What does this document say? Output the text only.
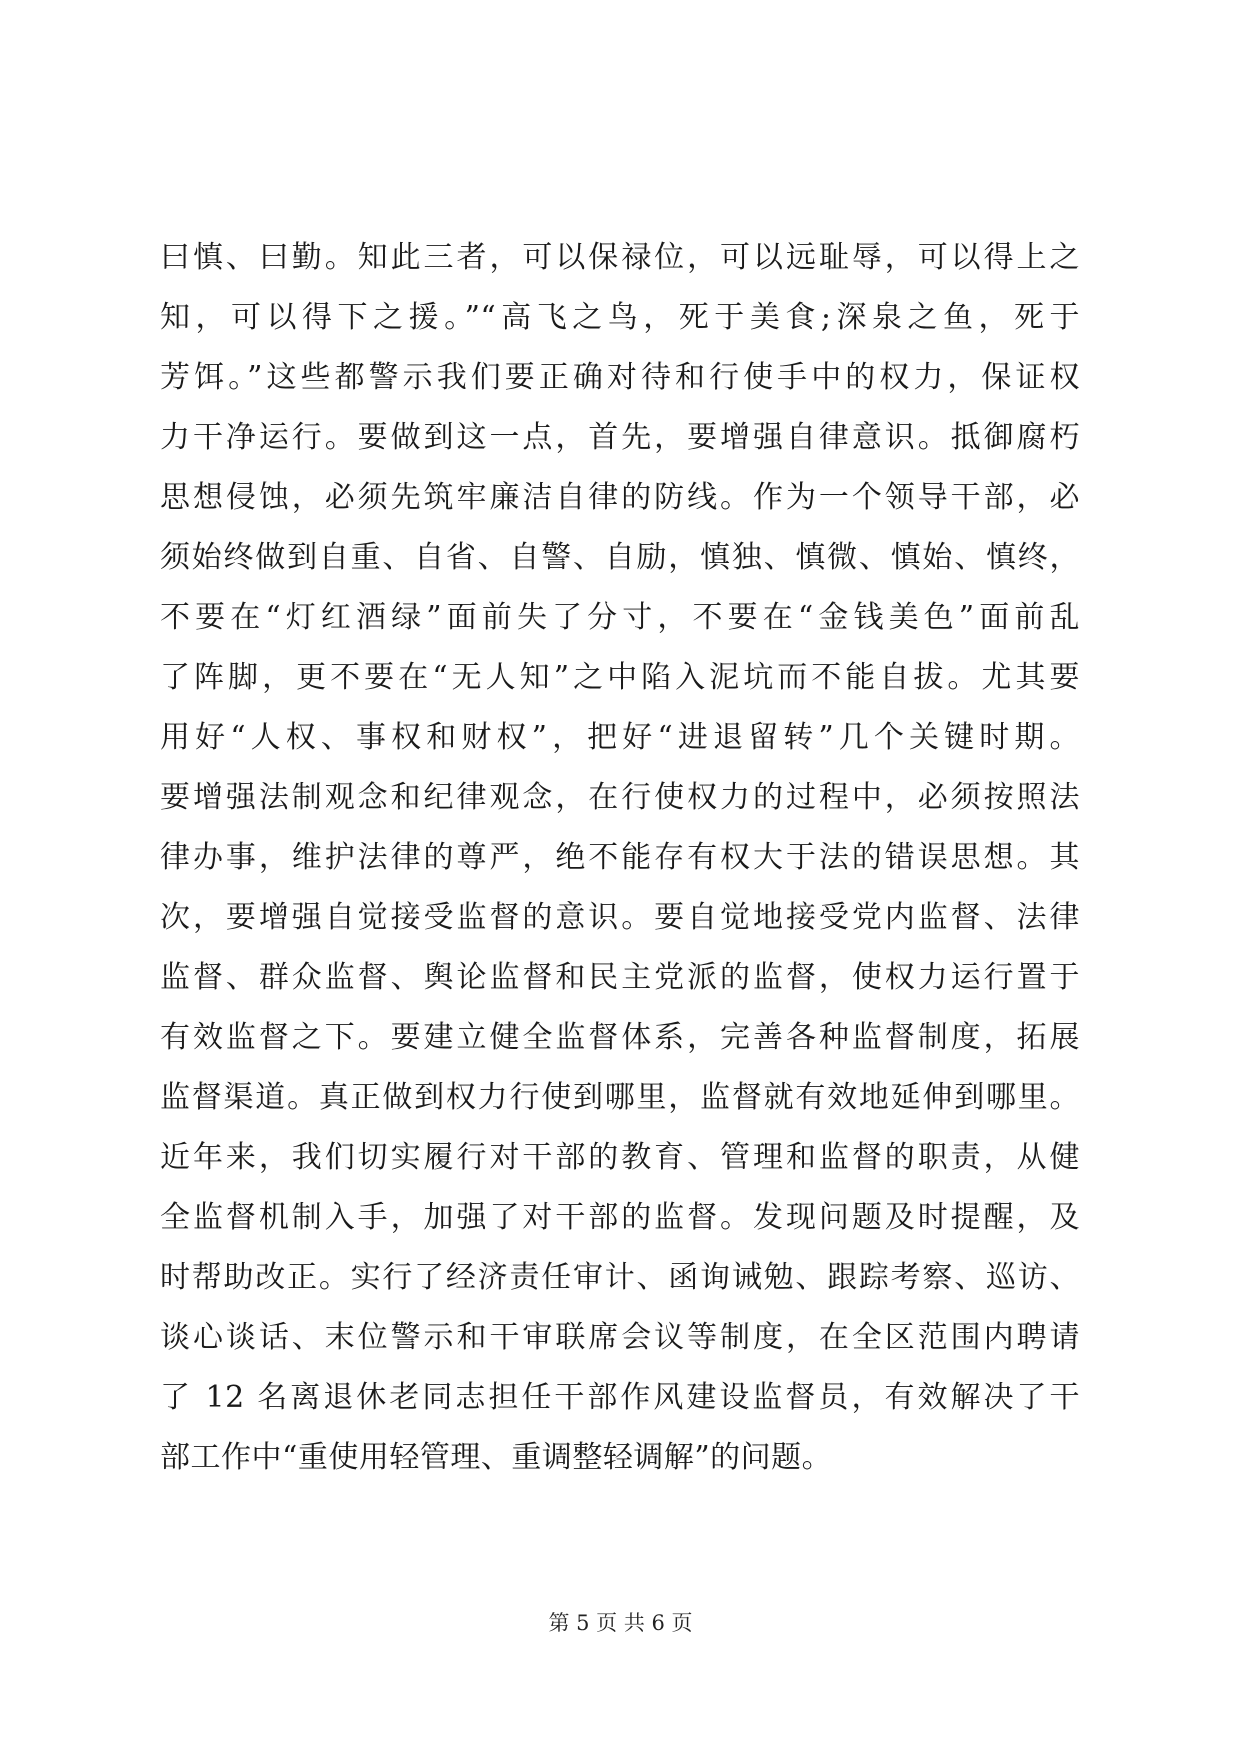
曰慎、曰勤。知此三者，可以保禄位，可以远耻辱，可以得上之
知，可以得下之援。”“高飞之鸟，死于美食;深泉之鱼，死于
芳饵。”这些都警示我们要正确对待和行使手中的权力，保证权
力干净运行。要做到这一点，首先，要增强自律意识。抵御腐朽
思想侵蚀，必须先筑牢廉洁自律的防线。作为一个领导干部，必
须始终做到自重、自省、自警、自励，慎独、慎微、慎始、慎终，
不要在“灯红酒绿”面前失了分寸，不要在“金钱美色”面前乱
了阵脚，更不要在“无人知”之中陷入泥坑而不能自拔。尤其要
用好“人权、事权和财权”，把好“进退留转”几个关键时期。
要增强法制观念和纪律观念，在行使权力的过程中，必须按照法
律办事，维护法律的尊严，绝不能存有权大于法的错误思想。其
次，要增强自觉接受监督的意识。要自觉地接受党内监督、法律
监督、群众监督、舆论监督和民主党派的监督，使权力运行置于
有效监督之下。要建立健全监督体系，完善各种监督制度，拓展
监督渠道。真正做到权力行使到哪里，监督就有效地延伸到哪里。
近年来，我们切实履行对干部的教育、管理和监督的职责，从健
全监督机制入手，加强了对干部的监督。发现问题及时提醒，及
时帮助改正。实行了经济责任审计、函询诫勉、跟踪考察、巡访、
谈心谈话、末位警示和干审联席会议等制度，在全区范围内聘请
了 12 名离退休老同志担任干部作风建设监督员，有效解决了干
部工作中“重使用轻管理、重调整轻调解”的问题。
第 5 页 共 6 页
